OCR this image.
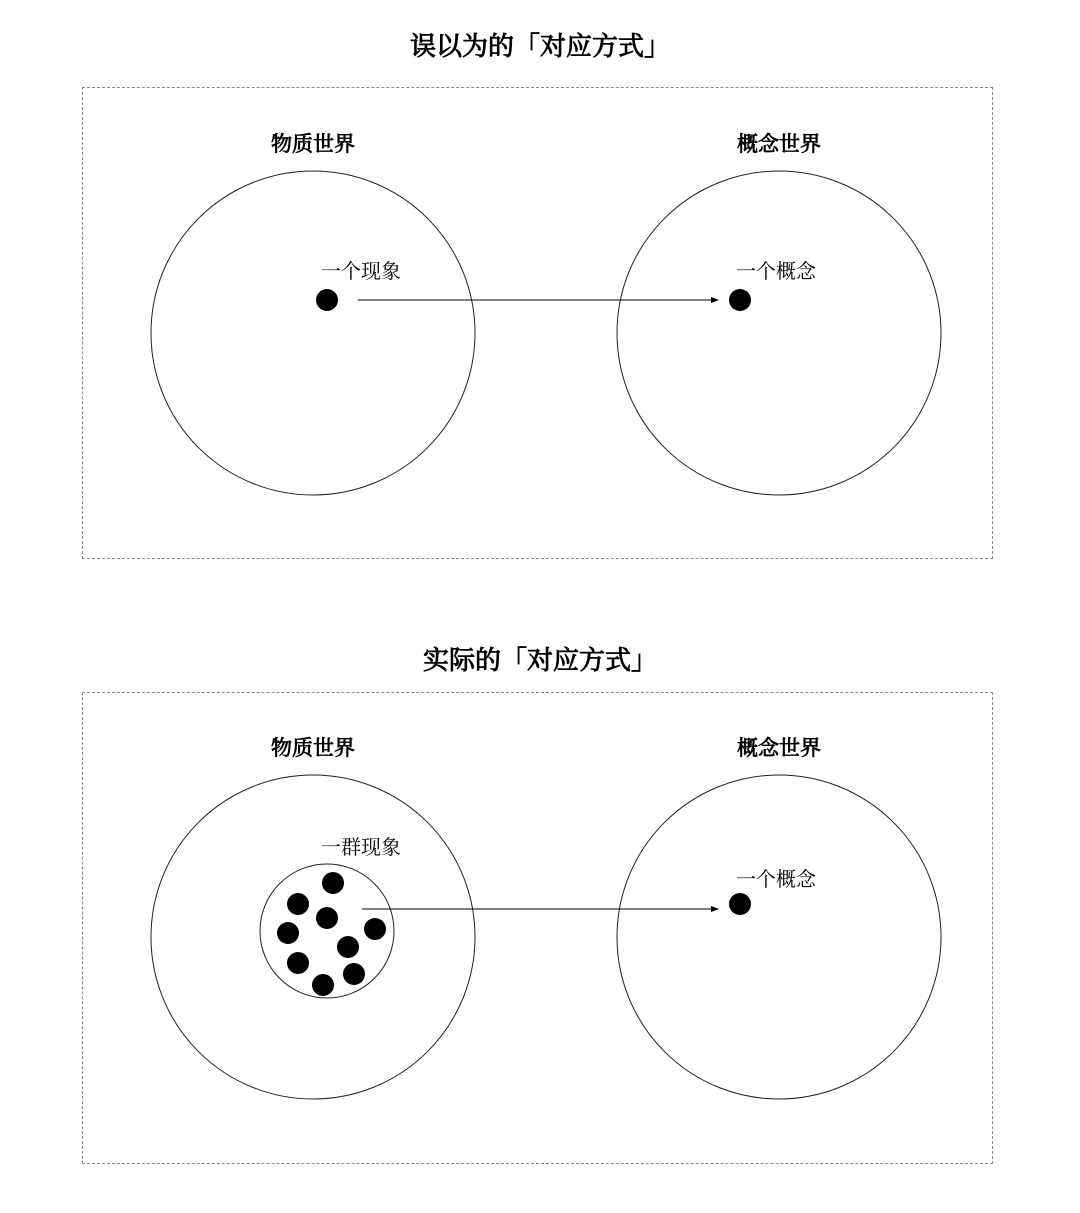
误以为的「对应方式」
物质世界	概念世界
一个现象	一个概念
实际的「对应方式」
物质世界	概念世界
一群现象
一个概念
